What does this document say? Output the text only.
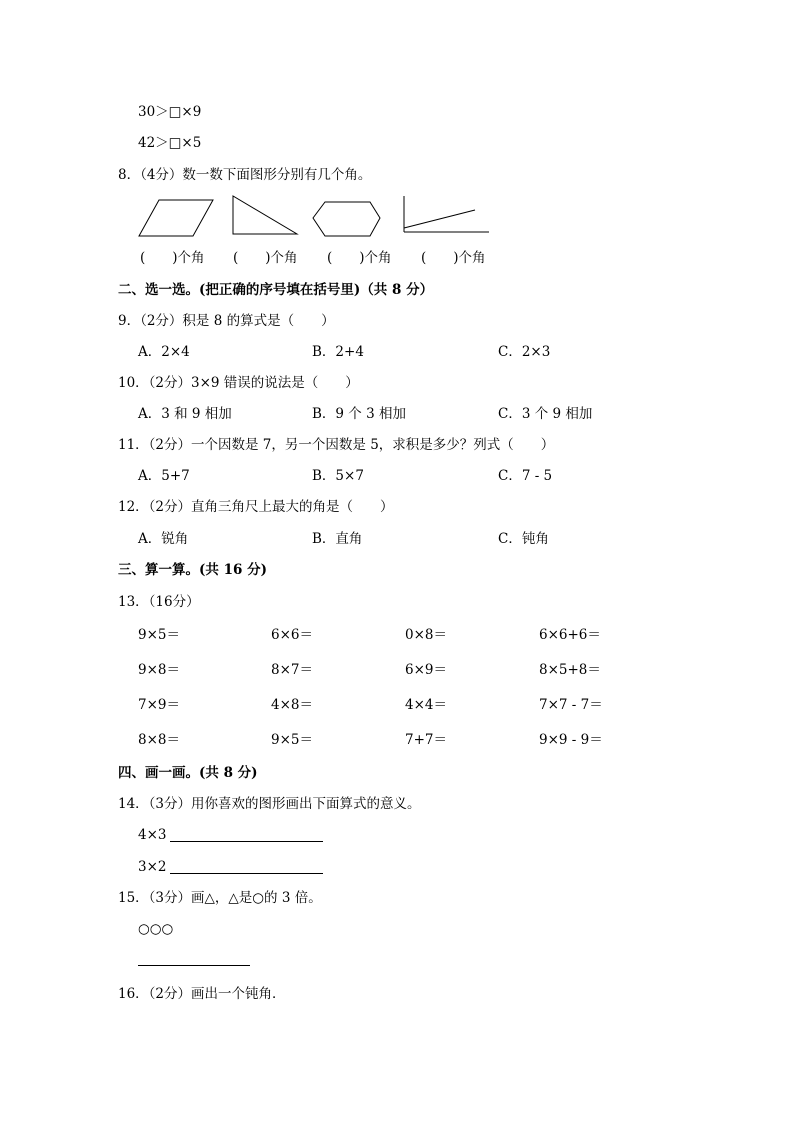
30＞□×9
42＞□×5
8．（4分）数一数下面图形分别有几个角。
(　　)个角 (　　)个角 (　　)个角 (　　)个角
二、选一选。(把正确的序号填在括号里)（共 8 分）
9．（2分）积是 8 的算式是（　　）
A．2×4	B．2+4	C．2×3
10．（2分）3×9 错误的说法是（　　）
A．3 和 9 相加	B．9 个 3 相加	C．3 个 9 相加
11．（2分）一个因数是 7，另一个因数是 5，求积是多少？列式（　　）
A．5+7	B．5×7	C．7 - 5
12．（2分）直角三角尺上最大的角是（　　）
A．锐角	B．直角	C．钝角
三、算一算。(共 16 分)
13．（16分）
9×5＝	6×6＝	0×8＝	6×6+6＝
9×8＝	8×7＝	6×9＝	8×5+8＝
7×9＝	4×8＝	4×4＝	7×7 - 7＝
8×8＝	9×5＝	7+7＝	9×9 - 9＝
四、画一画。(共 8 分)
14．（3分）用你喜欢的图形画出下面算式的意义。
4×3
3×2
15．（3分）画△，△是○的 3 倍。
○○○
16．（2分）画出一个钝角．
